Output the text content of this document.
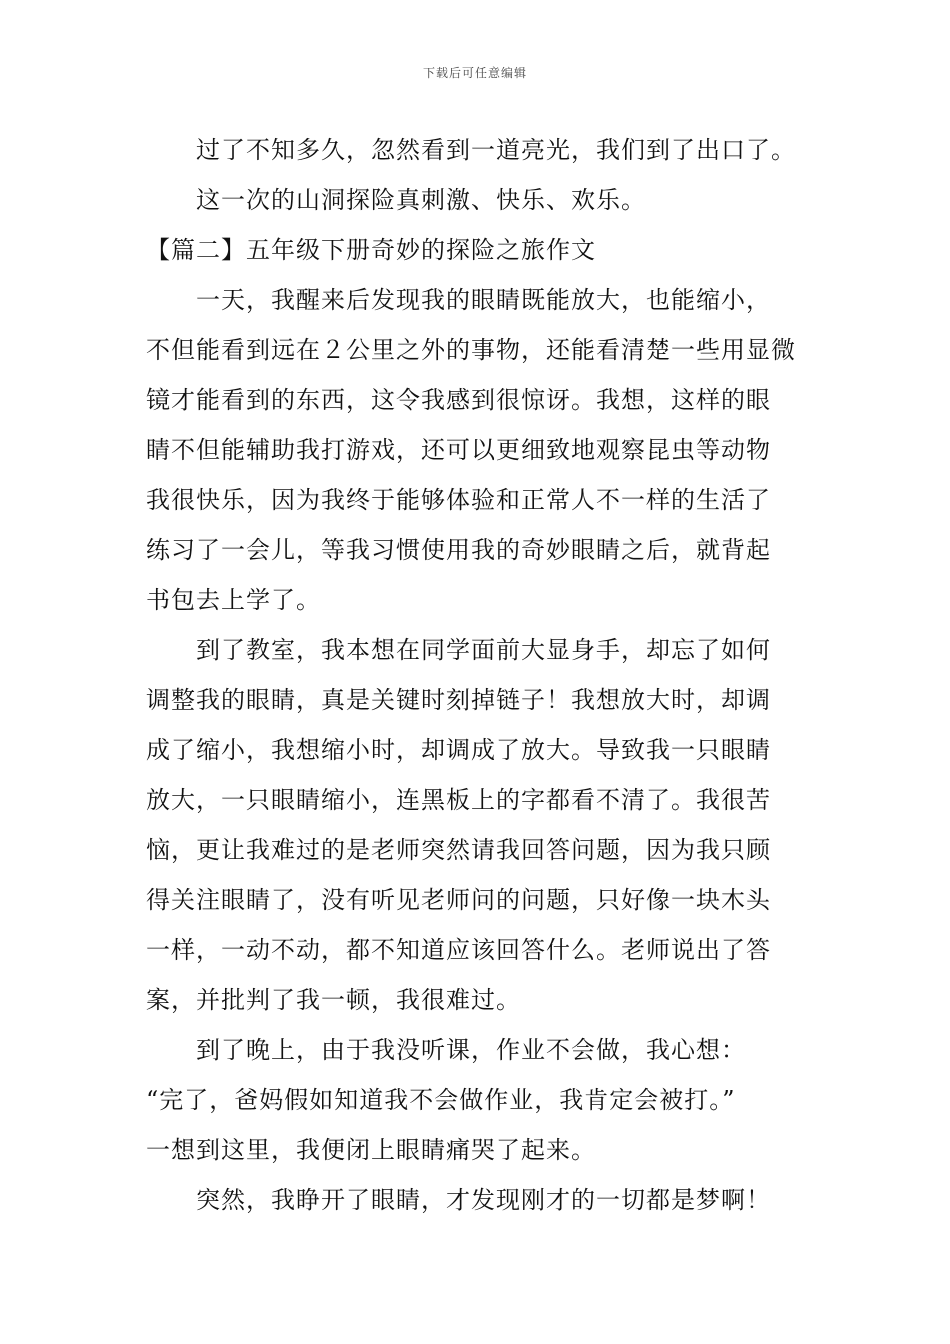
下载后可任意编辑
过了不知多久，忽然看到一道亮光，我们到了出口了。
这一次的山洞探险真刺激、快乐、欢乐。
【篇二】五年级下册奇妙的探险之旅作文
一天，我醒来后发现我的眼睛既能放大，也能缩小，
不但能看到远在２公里之外的事物，还能看清楚一些用显微
镜才能看到的东西，这令我感到很惊讶。我想，这样的眼
睛不但能辅助我打游戏，还可以更细致地观察昆虫等动物
我很快乐，因为我终于能够体验和正常人不一样的生活了
练习了一会儿，等我习惯使用我的奇妙眼睛之后，就背起
书包去上学了。
到了教室，我本想在同学面前大显身手，却忘了如何
调整我的眼睛，真是关键时刻掉链子！我想放大时，却调
成了缩小，我想缩小时，却调成了放大。导致我一只眼睛
放大，一只眼睛缩小，连黑板上的字都看不清了。我很苦
恼，更让我难过的是老师突然请我回答问题，因为我只顾
得关注眼睛了，没有听见老师问的问题，只好像一块木头
一样，一动不动，都不知道应该回答什么。老师说出了答
案，并批判了我一顿，我很难过。
到了晚上，由于我没听课，作业不会做，我心想：
“完了，爸妈假如知道我不会做作业，我肯定会被打。”
一想到这里，我便闭上眼睛痛哭了起来。
突然，我睁开了眼睛，才发现刚才的一切都是梦啊！
